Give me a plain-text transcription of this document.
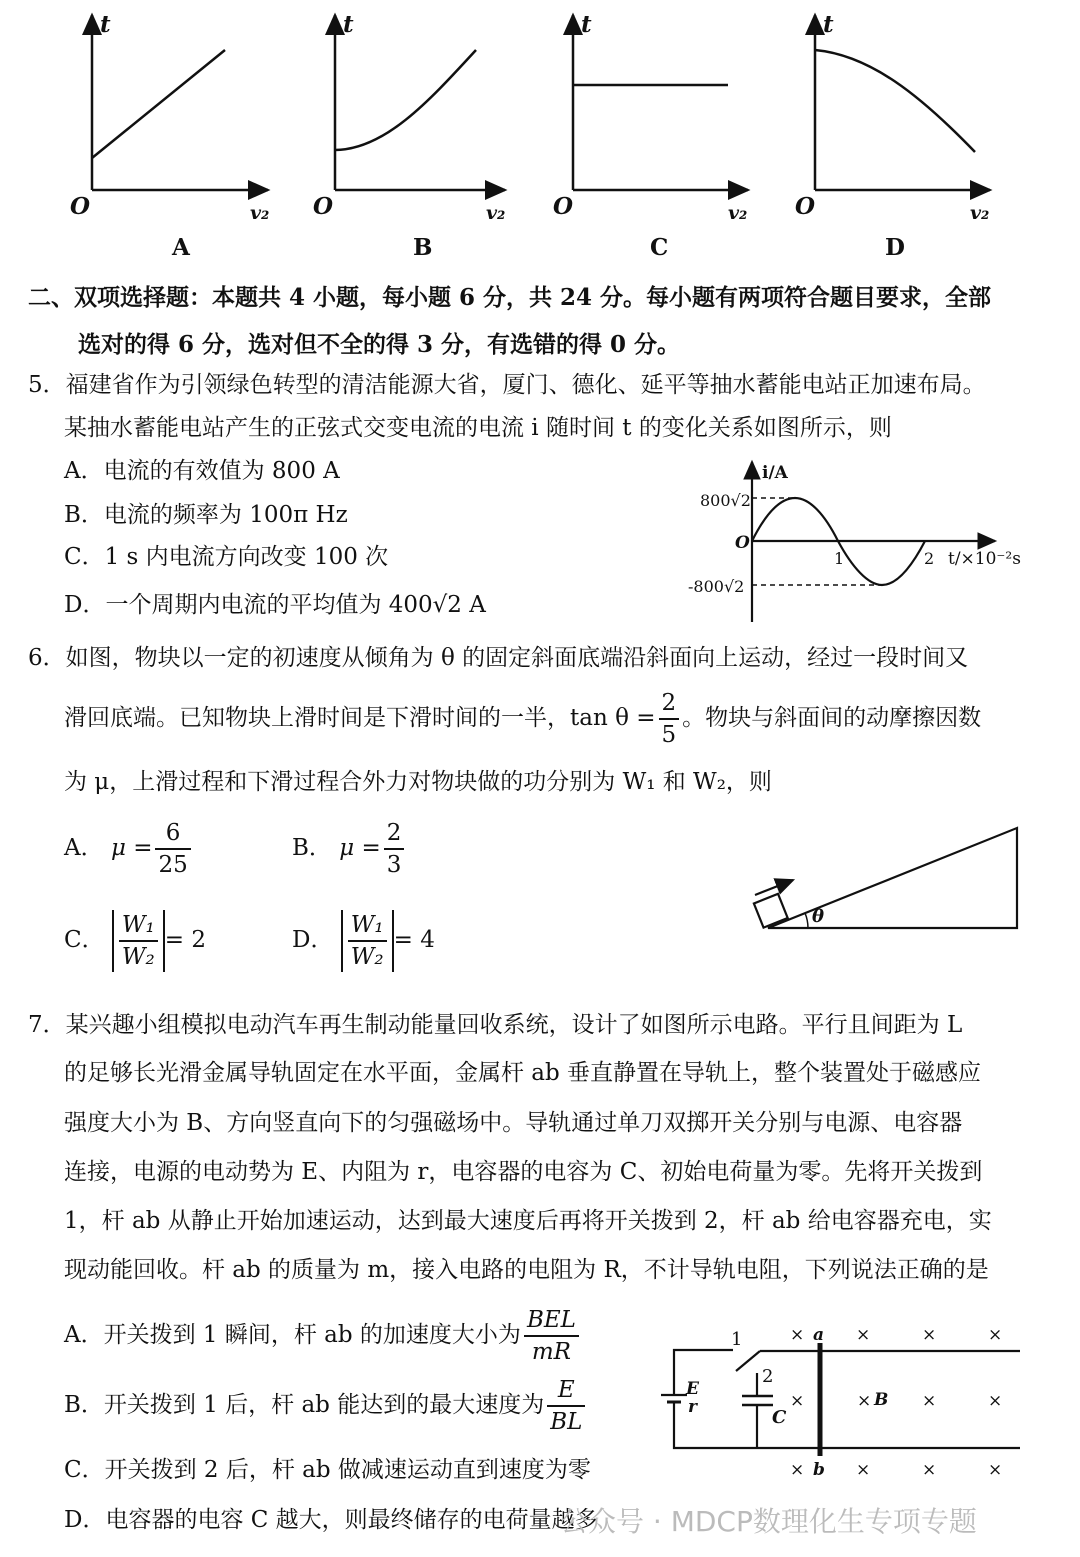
t
O	v₂
A
t
O	v₂
B
t
O	v₂
C
t
O	v₂
D
二、双项选择题：本题共 4 小题，每小题 6 分，共 24 分。每小题有两项符合题目要求，全部
选对的得 6 分，选对但不全的得 3 分，有选错的得 0 分。
5．福建省作为引领绿色转型的清洁能源大省，厦门、德化、延平等抽水蓄能电站正加速布局。
某抽水蓄能电站产生的正弦式交变电流的电流 i 随时间 t 的变化关系如图所示，则
A．电流的有效值为 800 A
B．电流的频率为 100π Hz
C．1 s 内电流方向改变 100 次
D．一个周期内电流的平均值为 400√2 A
i/A
800√2
O
1	2 t/×10⁻²s
-800√2
6．如图，物块以一定的初速度从倾角为 θ 的固定斜面底端沿斜面向上运动，经过一段时间又
滑回底端。已知物块上滑时间是下滑时间的一半，$\tan \theta = \frac{2}{5}$ 。物块与斜面间的动摩擦因数
为 μ，上滑过程和下滑过程合外力对物块做的功分别为 W₁ 和 W₂，则
A． $\mu = \frac{6}{25}$	B． $\mu = \frac{2}{3}$
C． $\frac{\text{W₁}}{\text{W₂}} = 2$	D． $\frac{\text{W₁}}{\text{W₂}} = 4$
θ
7．某兴趣小组模拟电动汽车再生制动能量回收系统，设计了如图所示电路。平行且间距为 L
的足够长光滑金属导轨固定在水平面，金属杆 ab 垂直静置在导轨上，整个装置处于磁感应
强度大小为 B、方向竖直向下的匀强磁场中。导轨通过单刀双掷开关分别与电源、电容器
连接，电源的电动势为 E、内阻为 r，电容器的电容为 C、初始电荷量为零。先将开关拨到
1，杆 ab 从静止开始加速运动，达到最大速度后再将开关拨到 2，杆 ab 给电容器充电，实
现动能回收。杆 ab 的质量为 m，接入电路的电阻为 R，不计导轨电阻，下列说法正确的是
A．开关拨到 1 瞬间，杆 ab 的加速度大小为 $\frac{\text{BEL}}{mR}$
B．开关拨到 1 后，杆 ab 能达到的最大速度为 $\frac{E}{BL}$
C．开关拨到 2 后，杆 ab 做减速运动直到速度为零
D．电容器的电容 C 越大，则最终储存的电荷量越多
1
2
E
r	C
a
b
B
×	×	×	×
×	×	×	×
×	×	×	×
公众号 · MDCP数理化生专项专题
